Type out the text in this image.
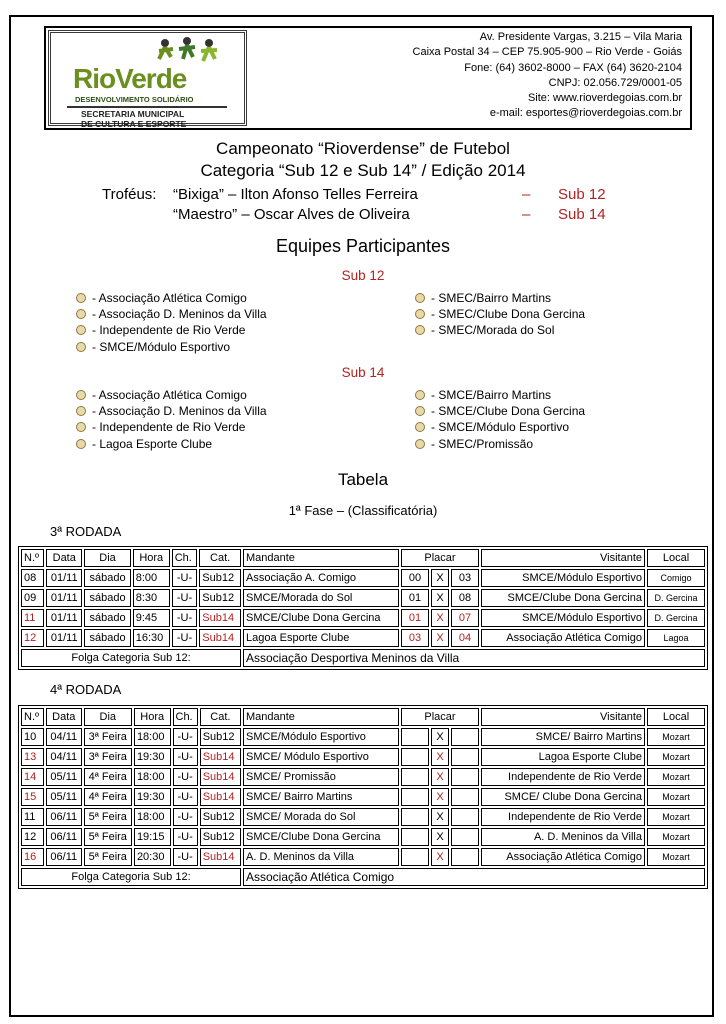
RioVerde
DESENVOLVIMENTO SOLIDÁRIO
SECRETARIA MUNICIPAL
DE CULTURA E ESPORTE
Av. Presidente Vargas, 3.215 – Vila Maria
Caixa Postal 34 – CEP 75.905-900 – Rio Verde - Goiás
Fone: (64) 3602-8000 – FAX (64) 3620-2104
CNPJ: 02.056.729/0001-05
Site: www.rioverdegoias.com.br
e-mail: esportes@rioverdegoias.com.br
Campeonato “Rioverdense” de Futebol
Categoria “Sub 12 e Sub 14” / Edição 2014
Troféus: “Bixiga” – Ilton Afonso Telles Ferreira	– Sub 12
“Maestro” – Oscar Alves de Oliveira	– Sub 14
Equipes Participantes
Sub 12
- Associação Atlética Comigo
- Associação D. Meninos da Villa
- Independente de Rio Verde
- SMCE/Módulo Esportivo
- SMEC/Bairro Martins
- SMEC/Clube Dona Gercina
- SMEC/Morada do Sol
Sub 14
- Associação Atlética Comigo
- Associação D. Meninos da Villa
- Independente de Rio Verde
- Lagoa Esporte Clube
- SMCE/Bairro Martins
- SMCE/Clube Dona Gercina
- SMCE/Módulo Esportivo
- SMEC/Promissão
Tabela
1ª Fase – (Classificatória)
3ª RODADA
N.º	Data	Dia	Hora	Ch.	Cat.	Mandante	Placar			Visitante	Local
08	01/11	sábado	8:00	-U-	Sub12	Associação A. Comigo	00	X	03	SMCE/Módulo Esportivo	Comigo
09	01/11	sábado	8:30	-U-	Sub12	SMCE/Morada do Sol	01	X	08	SMCE/Clube Dona Gercina	D. Gercina
11	01/11	sábado	9:45	-U-	Sub14	SMCE/Clube Dona Gercina	01	X	07	SMCE/Módulo Esportivo	D. Gercina
12	01/11	sábado	16:30	-U-	Sub14	Lagoa Esporte Clube	03	X	04	Associação Atlética Comigo	Lagoa
Folga Categoria Sub 12:						Associação Desportiva Meninos da Villa					
4ª RODADA
N.º	Data	Dia	Hora	Ch.	Cat.	Mandante	Placar			Visitante	Local
10	04/11	3ª Feira	18:00	-U-	Sub12	SMCE/Módulo Esportivo		X		SMCE/ Bairro Martins	Mozart
13	04/11	3ª Feira	19:30	-U-	Sub14	SMCE/ Módulo Esportivo		X		Lagoa Esporte Clube	Mozart
14	05/11	4ª Feira	18:00	-U-	Sub14	SMCE/ Promissão		X		Independente de Rio Verde	Mozart
15	05/11	4ª Feira	19:30	-U-	Sub14	SMCE/ Bairro Martins		X		SMCE/ Clube Dona Gercina	Mozart
11	06/11	5ª Feira	18:00	-U-	Sub12	SMCE/ Morada do Sol		X		Independente de Rio Verde	Mozart
12	06/11	5ª Feira	19:15	-U-	Sub12	SMCE/Clube Dona Gercina		X		A. D. Meninos da Villa	Mozart
16	06/11	5ª Feira	20:30	-U-	Sub14	A. D. Meninos da Villa		X		Associação Atlética Comigo	Mozart
Folga Categoria Sub 12:						Associação Atlética Comigo					
